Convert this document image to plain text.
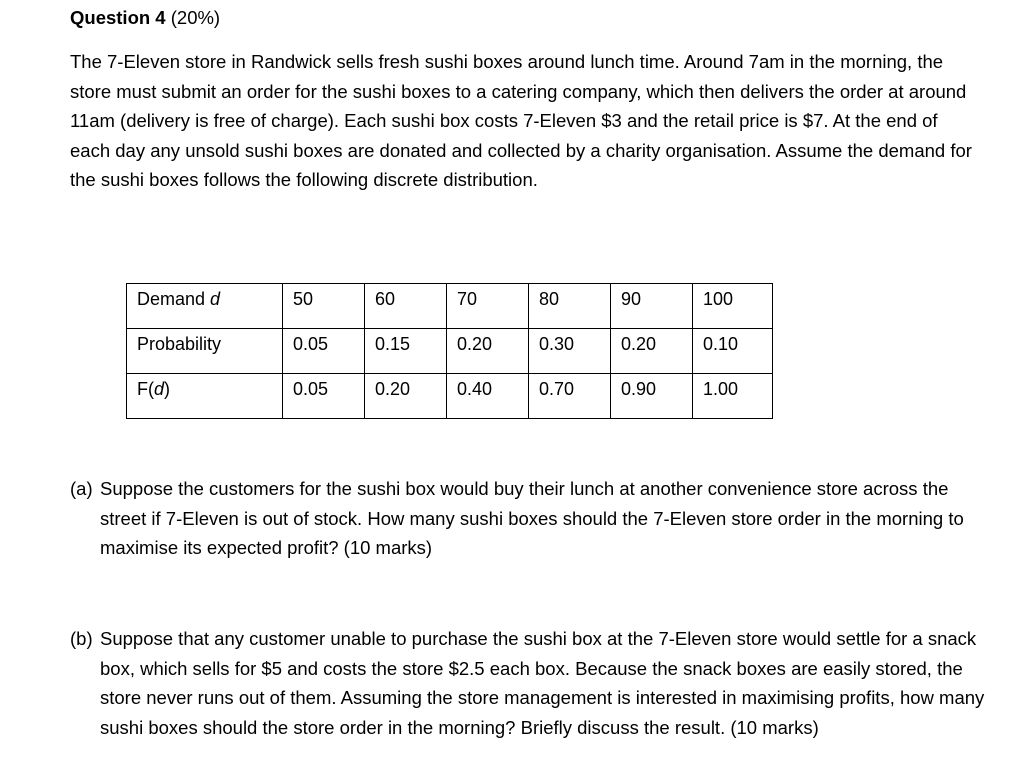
Question 4 (20%)

The 7-Eleven store in Randwick sells fresh sushi boxes around lunch time. Around 7am in the morning, the store must submit an order for the sushi boxes to a catering company, which then delivers the order at around 11am (delivery is free of charge). Each sushi box costs 7-Eleven $3 and the retail price is $7. At the end of each day any unsold sushi boxes are donated and collected by a charity organisation. Assume the demand for the sushi boxes follows the following discrete distribution.

(a) Suppose the customers for the sushi box would buy their lunch at another convenience store across the street if 7-Eleven is out of stock. How many sushi boxes should the 7-Eleven store order in the morning to maximise its expected profit? (10 marks)
(b) Suppose that any customer unable to purchase the sushi box at the 7-Eleven store would settle for a snack box, which sells for $5 and costs the store $2.5 each box. Because the snack boxes are easily stored, the store never runs out of them. Assuming the store management is interested in maximising profits, how many sushi boxes should the store order in the morning? Briefly discuss the result. (10 marks)
Demand d	50	60	70	80	90	100
Probability	0.05	0.15	0.20	0.30	0.20	0.10
F(d)	0.05	0.20	0.40	0.70	0.90	1.00
